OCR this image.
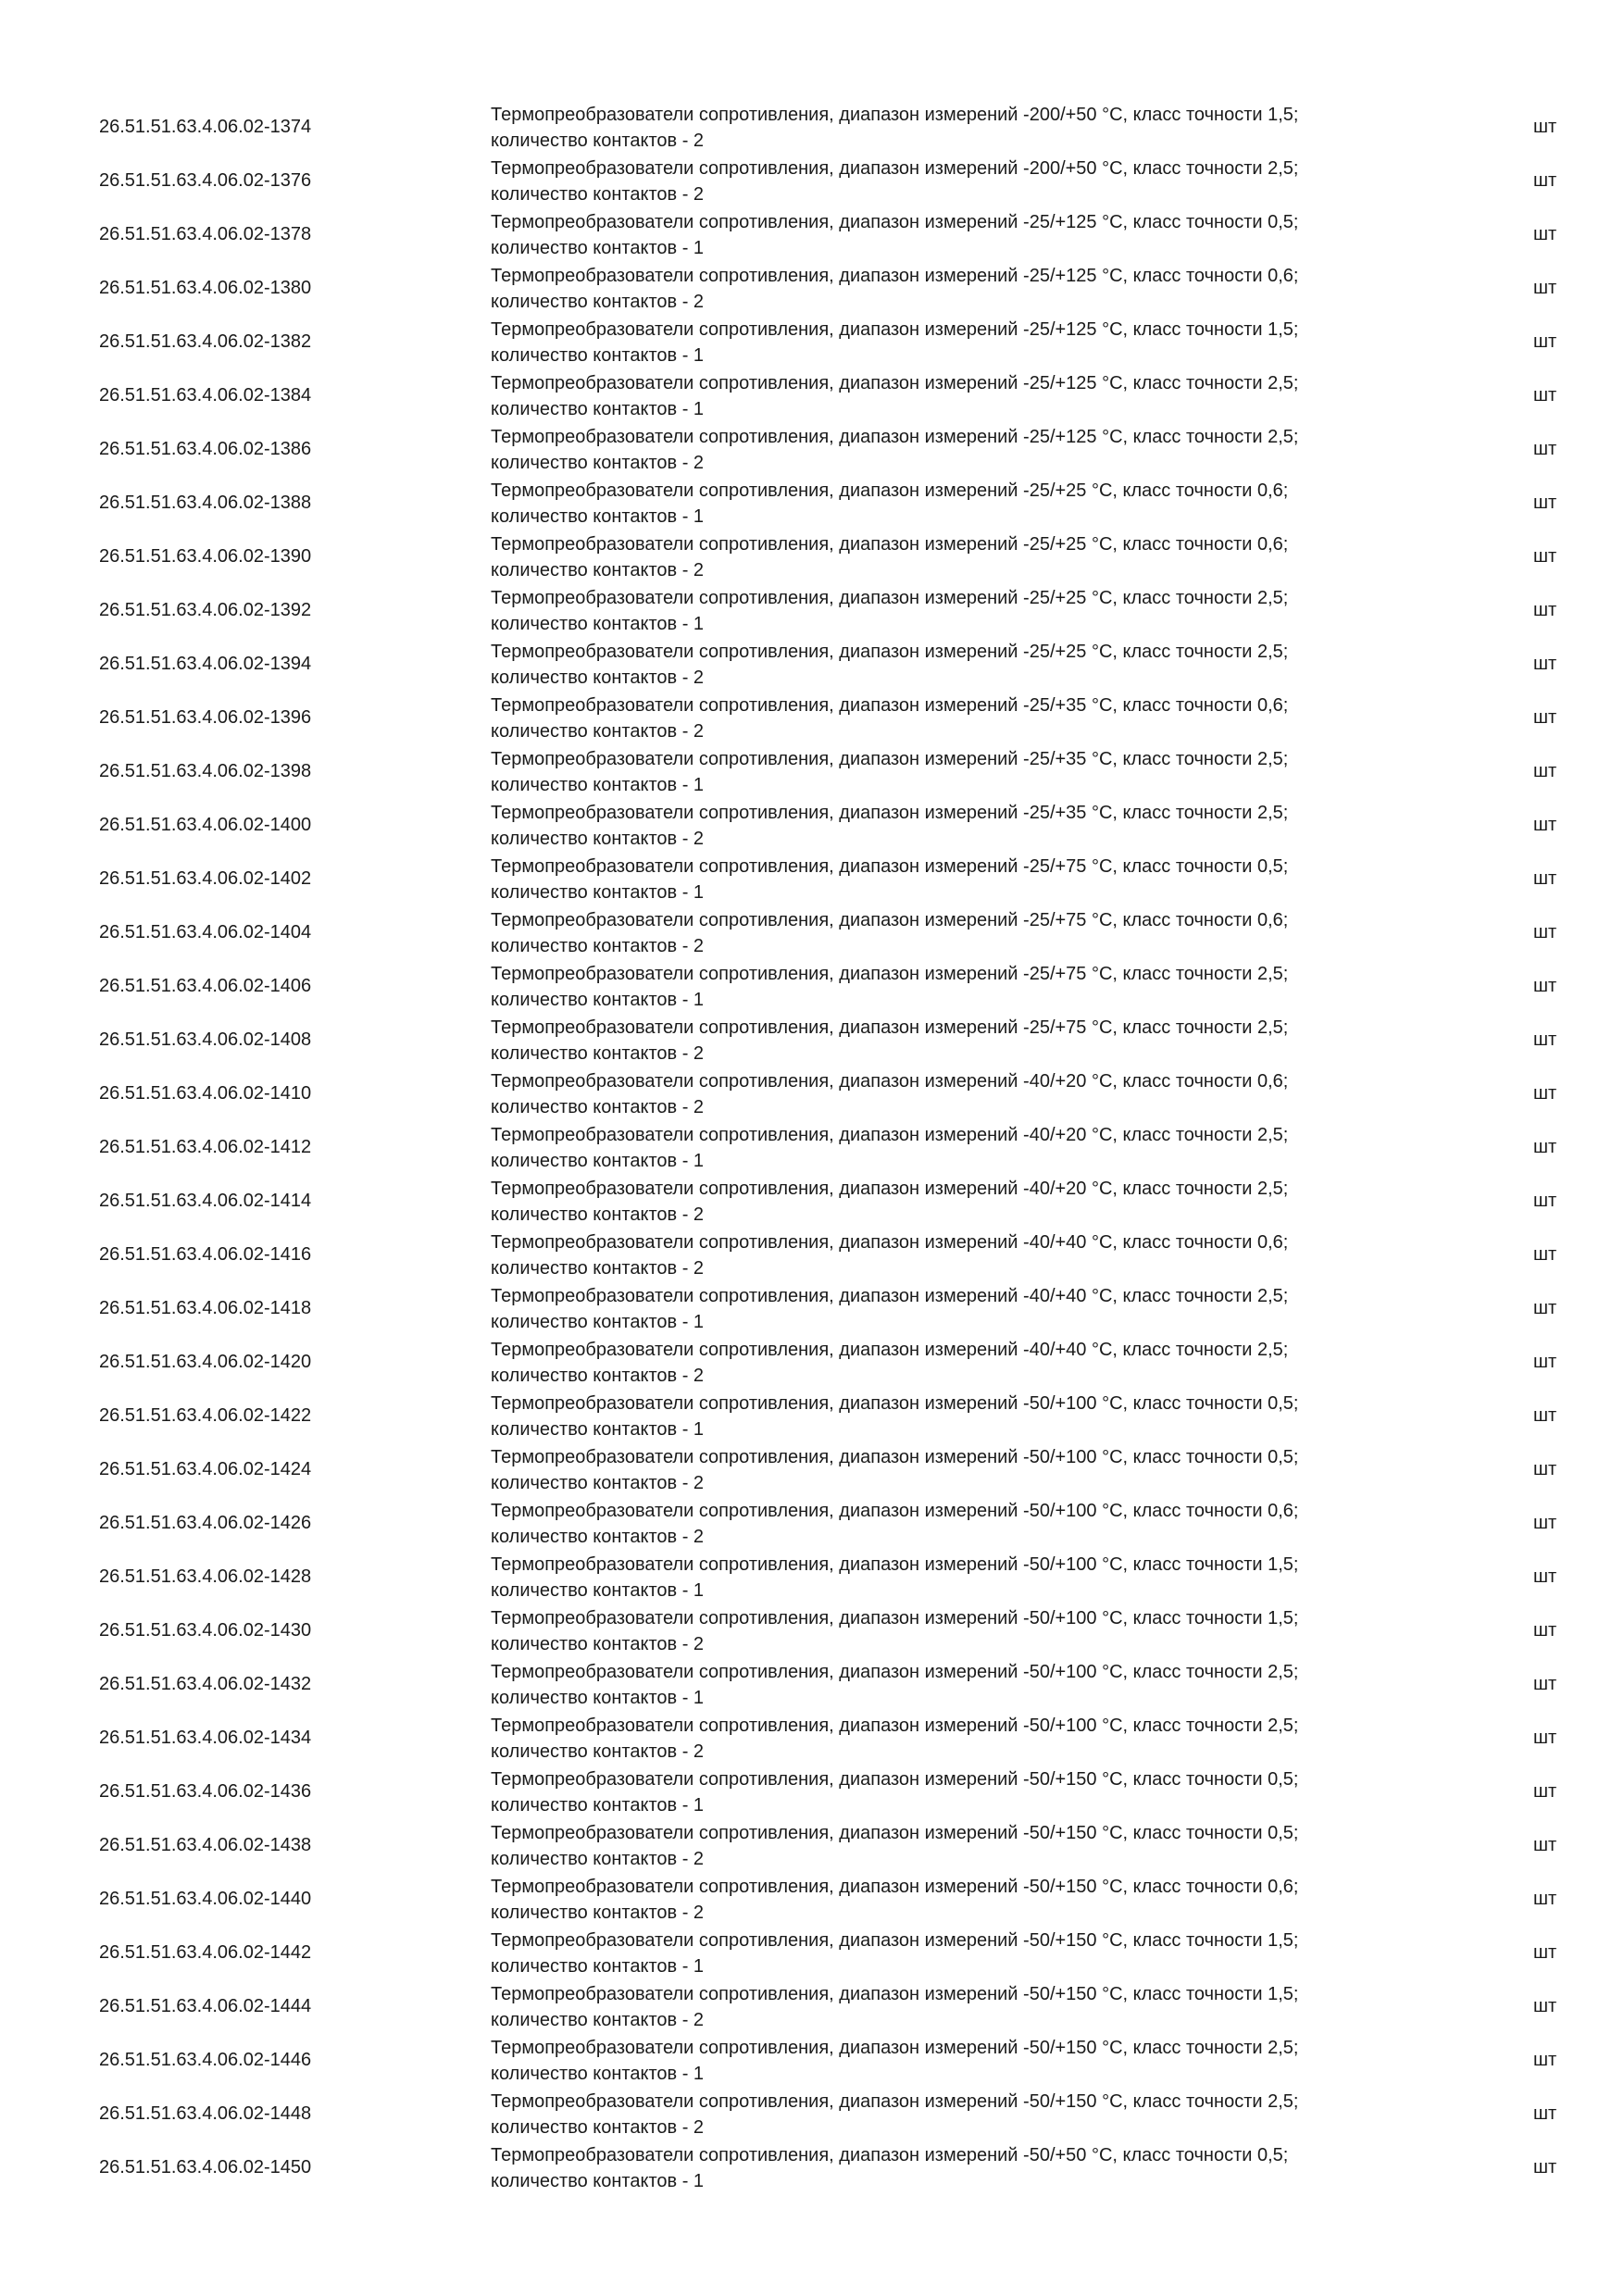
26.51.51.63.4.06.02-1374
Термопреобразователи сопротивления, диапазон измерений -200/+50 °С, класс точности 1,5;
количество контактов - 2
шт
26.51.51.63.4.06.02-1376
Термопреобразователи сопротивления, диапазон измерений -200/+50 °С, класс точности 2,5;
количество контактов - 2
шт
26.51.51.63.4.06.02-1378
Термопреобразователи сопротивления, диапазон измерений -25/+125 °С, класс точности 0,5;
количество контактов - 1
шт
26.51.51.63.4.06.02-1380
Термопреобразователи сопротивления, диапазон измерений -25/+125 °С, класс точности 0,6;
количество контактов - 2
шт
26.51.51.63.4.06.02-1382
Термопреобразователи сопротивления, диапазон измерений -25/+125 °С, класс точности 1,5;
количество контактов - 1
шт
26.51.51.63.4.06.02-1384
Термопреобразователи сопротивления, диапазон измерений -25/+125 °С, класс точности 2,5;
количество контактов - 1
шт
26.51.51.63.4.06.02-1386
Термопреобразователи сопротивления, диапазон измерений -25/+125 °С, класс точности 2,5;
количество контактов - 2
шт
26.51.51.63.4.06.02-1388
Термопреобразователи сопротивления, диапазон измерений -25/+25 °С, класс точности 0,6;
количество контактов - 1
шт
26.51.51.63.4.06.02-1390
Термопреобразователи сопротивления, диапазон измерений -25/+25 °С, класс точности 0,6;
количество контактов - 2
шт
26.51.51.63.4.06.02-1392
Термопреобразователи сопротивления, диапазон измерений -25/+25 °С, класс точности 2,5;
количество контактов - 1
шт
26.51.51.63.4.06.02-1394
Термопреобразователи сопротивления, диапазон измерений -25/+25 °С, класс точности 2,5;
количество контактов - 2
шт
26.51.51.63.4.06.02-1396
Термопреобразователи сопротивления, диапазон измерений -25/+35 °С, класс точности 0,6;
количество контактов - 2
шт
26.51.51.63.4.06.02-1398
Термопреобразователи сопротивления, диапазон измерений -25/+35 °С, класс точности 2,5;
количество контактов - 1
шт
26.51.51.63.4.06.02-1400
Термопреобразователи сопротивления, диапазон измерений -25/+35 °С, класс точности 2,5;
количество контактов - 2
шт
26.51.51.63.4.06.02-1402
Термопреобразователи сопротивления, диапазон измерений -25/+75 °С, класс точности 0,5;
количество контактов - 1
шт
26.51.51.63.4.06.02-1404
Термопреобразователи сопротивления, диапазон измерений -25/+75 °С, класс точности 0,6;
количество контактов - 2
шт
26.51.51.63.4.06.02-1406
Термопреобразователи сопротивления, диапазон измерений -25/+75 °С, класс точности 2,5;
количество контактов - 1
шт
26.51.51.63.4.06.02-1408
Термопреобразователи сопротивления, диапазон измерений -25/+75 °С, класс точности 2,5;
количество контактов - 2
шт
26.51.51.63.4.06.02-1410
Термопреобразователи сопротивления, диапазон измерений -40/+20 °С, класс точности 0,6;
количество контактов - 2
шт
26.51.51.63.4.06.02-1412
Термопреобразователи сопротивления, диапазон измерений -40/+20 °С, класс точности 2,5;
количество контактов - 1
шт
26.51.51.63.4.06.02-1414
Термопреобразователи сопротивления, диапазон измерений -40/+20 °С, класс точности 2,5;
количество контактов - 2
шт
26.51.51.63.4.06.02-1416
Термопреобразователи сопротивления, диапазон измерений -40/+40 °С, класс точности 0,6;
количество контактов - 2
шт
26.51.51.63.4.06.02-1418
Термопреобразователи сопротивления, диапазон измерений -40/+40 °С, класс точности 2,5;
количество контактов - 1
шт
26.51.51.63.4.06.02-1420
Термопреобразователи сопротивления, диапазон измерений -40/+40 °С, класс точности 2,5;
количество контактов - 2
шт
26.51.51.63.4.06.02-1422
Термопреобразователи сопротивления, диапазон измерений -50/+100 °С, класс точности 0,5;
количество контактов - 1
шт
26.51.51.63.4.06.02-1424
Термопреобразователи сопротивления, диапазон измерений -50/+100 °С, класс точности 0,5;
количество контактов - 2
шт
26.51.51.63.4.06.02-1426
Термопреобразователи сопротивления, диапазон измерений -50/+100 °С, класс точности 0,6;
количество контактов - 2
шт
26.51.51.63.4.06.02-1428
Термопреобразователи сопротивления, диапазон измерений -50/+100 °С, класс точности 1,5;
количество контактов - 1
шт
26.51.51.63.4.06.02-1430
Термопреобразователи сопротивления, диапазон измерений -50/+100 °С, класс точности 1,5;
количество контактов - 2
шт
26.51.51.63.4.06.02-1432
Термопреобразователи сопротивления, диапазон измерений -50/+100 °С, класс точности 2,5;
количество контактов - 1
шт
26.51.51.63.4.06.02-1434
Термопреобразователи сопротивления, диапазон измерений -50/+100 °С, класс точности 2,5;
количество контактов - 2
шт
26.51.51.63.4.06.02-1436
Термопреобразователи сопротивления, диапазон измерений -50/+150 °С, класс точности 0,5;
количество контактов - 1
шт
26.51.51.63.4.06.02-1438
Термопреобразователи сопротивления, диапазон измерений -50/+150 °С, класс точности 0,5;
количество контактов - 2
шт
26.51.51.63.4.06.02-1440
Термопреобразователи сопротивления, диапазон измерений -50/+150 °С, класс точности 0,6;
количество контактов - 2
шт
26.51.51.63.4.06.02-1442
Термопреобразователи сопротивления, диапазон измерений -50/+150 °С, класс точности 1,5;
количество контактов - 1
шт
26.51.51.63.4.06.02-1444
Термопреобразователи сопротивления, диапазон измерений -50/+150 °С, класс точности 1,5;
количество контактов - 2
шт
26.51.51.63.4.06.02-1446
Термопреобразователи сопротивления, диапазон измерений -50/+150 °С, класс точности 2,5;
количество контактов - 1
шт
26.51.51.63.4.06.02-1448
Термопреобразователи сопротивления, диапазон измерений -50/+150 °С, класс точности 2,5;
количество контактов - 2
шт
26.51.51.63.4.06.02-1450
Термопреобразователи сопротивления, диапазон измерений -50/+50 °С, класс точности 0,5;
количество контактов - 1
шт
